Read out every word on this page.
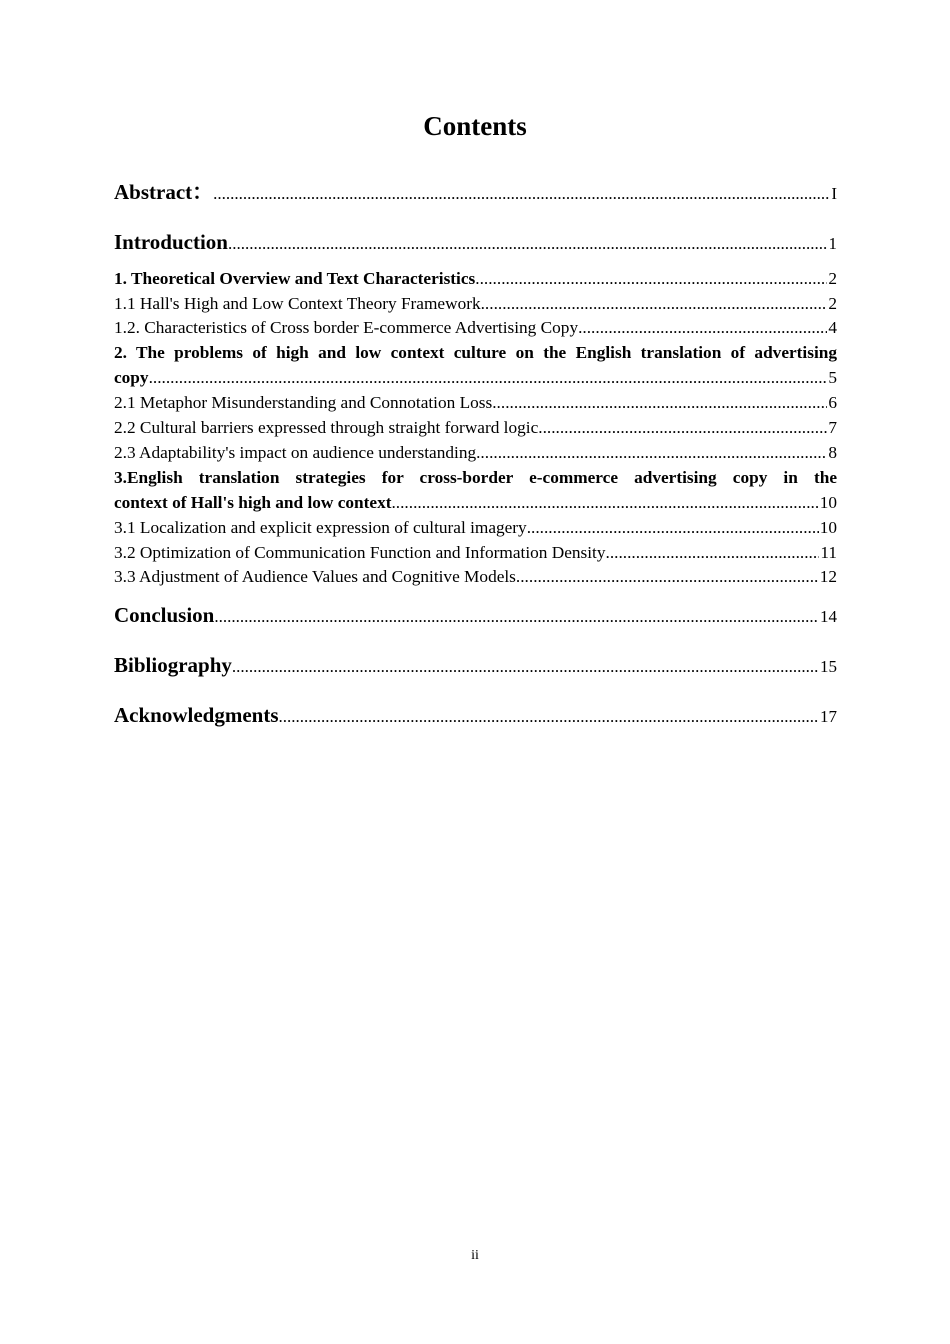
Contents
Abstract： .....	I
Introduction .....	1
1. Theoretical Overview and Text Characteristics .....	2
1.1 Hall's High and Low Context Theory Framework .....	2
1.2. Characteristics of Cross border E-commerce Advertising Copy .....	4
2. The problems of high and low context culture on the English translation of advertising
copy .....	5
2.1 Metaphor Misunderstanding and Connotation Loss .....	6
2.2 Cultural barriers expressed through straight forward logic .....	7
2.3 Adaptability's impact on audience understanding .....	8
3.English translation strategies for cross-border e-commerce advertising copy in the
context of Hall's high and low context .....	10
3.1 Localization and explicit expression of cultural imagery .....	10
3.2 Optimization of Communication Function and Information Density .....	11
3.3 Adjustment of Audience Values and Cognitive Models .....	12
Conclusion .....	14
Bibliography .....	15
Acknowledgments .....	17
ii
